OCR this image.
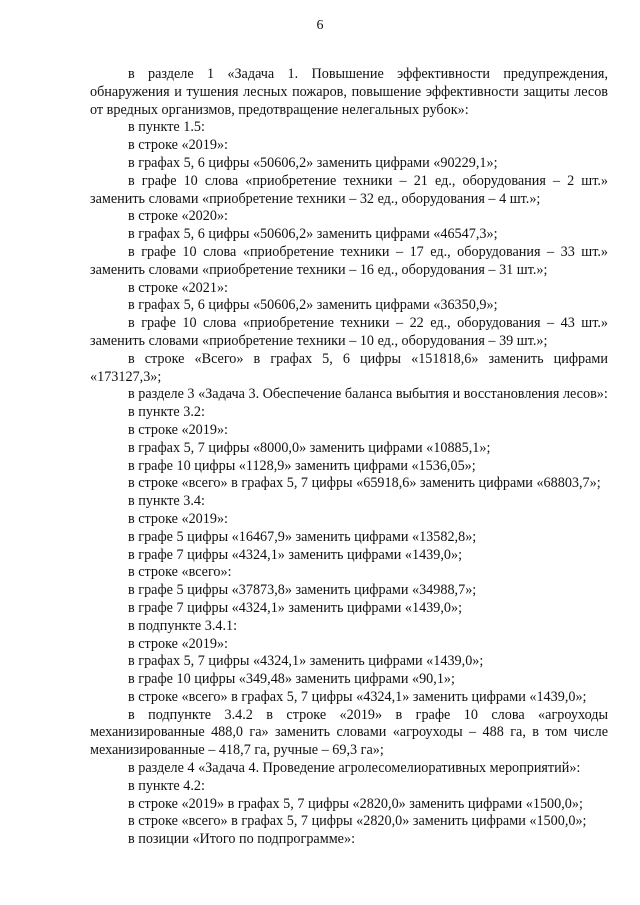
6

в разделе 1 «Задача 1. Повышение эффективности предупреждения, обнаружения и тушения лесных пожаров, повышение эффективности защиты лесов от вредных организмов, предотвращение нелегальных рубок»:

в пункте 1.5:

в строке «2019»:

в графах 5, 6 цифры «50606,2» заменить цифрами «90229,1»;

в графе 10 слова «приобретение техники – 21 ед., оборудования – 2 шт.» заменить словами «приобретение техники – 32 ед., оборудования – 4 шт.»;

в строке «2020»:

в графах 5, 6 цифры «50606,2» заменить цифрами «46547,3»;

в графе 10 слова «приобретение техники – 17 ед., оборудования – 33 шт.» заменить словами «приобретение техники – 16 ед., оборудования – 31 шт.»;

в строке «2021»:

в графах 5, 6 цифры «50606,2» заменить цифрами «36350,9»;

в графе 10 слова «приобретение техники – 22 ед., оборудования – 43 шт.» заменить словами «приобретение техники – 10 ед., оборудования – 39 шт.»;

в строке «Всего» в графах 5, 6 цифры «151818,6» заменить цифрами «173127,3»;

в разделе 3 «Задача 3. Обеспечение баланса выбытия и восстановления лесов»:

в пункте 3.2:

в строке «2019»:

в графах 5, 7 цифры «8000,0» заменить цифрами «10885,1»;

в графе 10 цифры «1128,9» заменить цифрами «1536,05»;

в строке «всего» в графах 5, 7 цифры «65918,6» заменить цифрами «68803,7»;

в пункте 3.4:

в строке «2019»:

в графе 5 цифры «16467,9» заменить цифрами «13582,8»;

в графе 7 цифры «4324,1» заменить цифрами «1439,0»;

в строке «всего»:

в графе 5 цифры «37873,8» заменить цифрами «34988,7»;

в графе 7 цифры «4324,1» заменить цифрами «1439,0»;

в подпункте 3.4.1:

в строке «2019»:

в графах 5, 7 цифры «4324,1» заменить цифрами «1439,0»;

в графе 10 цифры «349,48» заменить цифрами «90,1»;

в строке «всего» в графах 5, 7 цифры «4324,1» заменить цифрами «1439,0»;

в подпункте 3.4.2 в строке «2019» в графе 10 слова «агроуходы механизированные 488,0 га» заменить словами «агроуходы – 488 га, в том числе механизированные – 418,7 га, ручные – 69,3 га»;

в разделе 4 «Задача 4. Проведение агролесомелиоративных мероприятий»:

в пункте 4.2:

в строке «2019» в графах 5, 7 цифры «2820,0» заменить цифрами «1500,0»;

в строке «всего» в графах 5, 7 цифры «2820,0» заменить цифрами «1500,0»;

в позиции «Итого по подпрограмме»:
